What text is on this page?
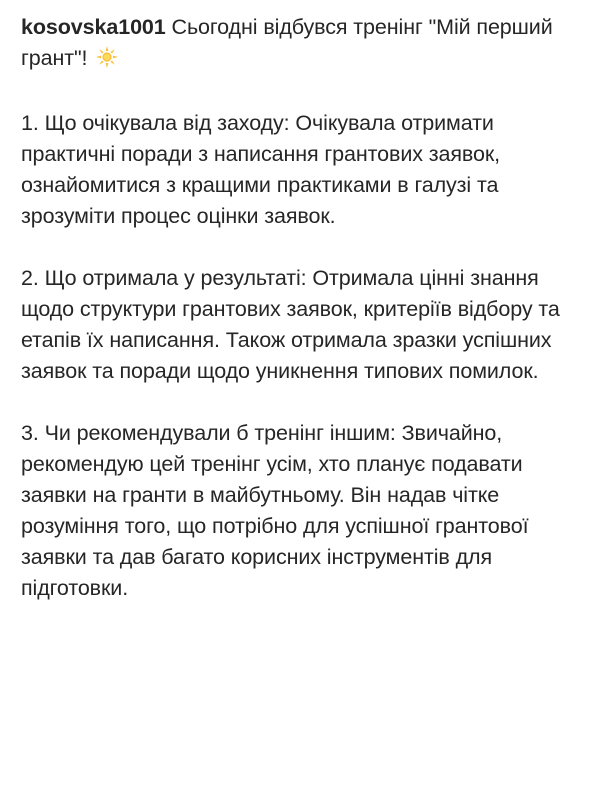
kosovska1001 Сьогодні відбувся тренінг "Мій перший грант"!

1. Що очікувала від заходу: Очікувала отримати практичні поради з написання грантових заявок, ознайомитися з кращими практиками в галузі та зрозуміти процес оцінки заявок.

2. Що отримала у результаті: Отримала цінні знання щодо структури грантових заявок, критеріїв відбору та етапів їх написання. Також отримала зразки успішних заявок та поради щодо уникнення типових помилок.

3. Чи рекомендували б тренінг іншим: Звичайно, рекомендую цей тренінг усім, хто планує подавати заявки на гранти в майбутньому. Він надав чітке розуміння того, що потрібно для успішної грантової заявки та дав багато корисних інструментів для підготовки.
